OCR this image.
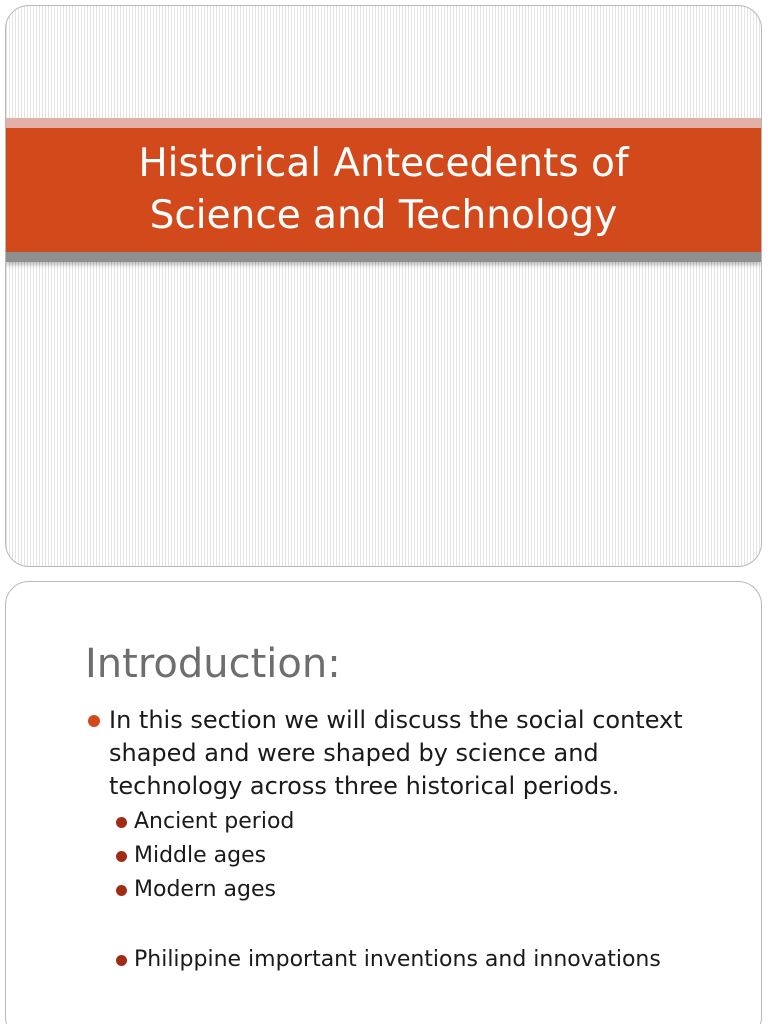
Historical Antecedents of
Science and Technology
Introduction:
In this section we will discuss the social context shaped and were shaped by science and technology across three historical periods.
Ancient period
Middle ages
Modern ages
Philippine important inventions and innovations
